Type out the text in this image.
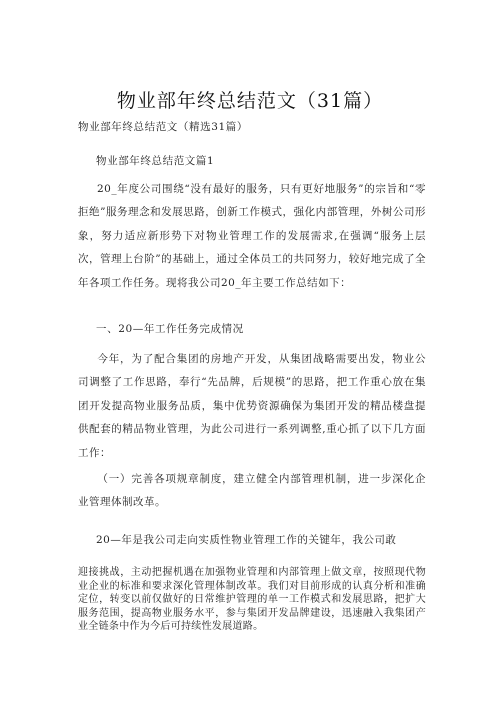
物业部年终总结范文（31篇）
物业部年终总结范文（精选31篇）
物业部年终总结范文篇1

20_年度公司围绕“没有最好的服务，只有更好地服务”的宗旨和“零拒绝”服务理念和发展思路，创新工作模式，强化内部管理，外树公司形象，努力适应新形势下对物业管理工作的发展需求,在强调“服务上层次，管理上台阶”的基础上，通过全体员工的共同努力，较好地完成了全年各项工作任务。现将我公司20_年主要工作总结如下：

一、20—年工作任务完成情况

今年，为了配合集团的房地产开发，从集团战略需要出发，物业公司调整了工作思路，奉行“先品牌，后规模”的思路，把工作重心放在集团开发提高物业服务品质，集中优势资源确保为集团开发的精品楼盘提供配套的精品物业管理，为此公司进行一系列调整,重心抓了以下几方面工作：

（一）完善各项规章制度，建立健全内部管理机制，进一步深化企业管理体制改革。

20—年是我公司走向实质性物业管理工作的关键年，我公司敢

迎接挑战，主动把握机遇在加强物业管理和内部管理上做文章，按照现代物业企业的标准和要求深化管理体制改革。我们对目前形成的认真分析和准确定位，转变以前仅做好的日常维护管理的单一工作模式和发展思路，把扩大服务范围，提高物业服务水平，参与集团开发品牌建设，迅速融入我集团产业全链条中作为今后可持续性发展道路。
